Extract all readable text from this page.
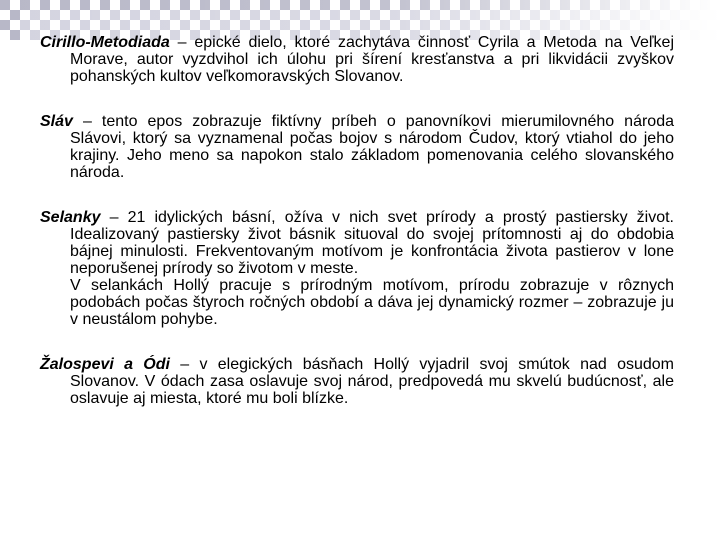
Cirillo-Metodiada – epické dielo, ktoré zachytáva činnosť Cyrila a Metoda na Veľkej Morave, autor vyzdvihol ich úlohu pri šírení kresťanstva a pri likvidácii zvyškov pohanských kultov veľkomoravských Slovanov.

Sláv – tento epos zobrazuje fiktívny príbeh o panovníkovi mierumilovného národa Slávovi, ktorý sa vyznamenal počas bojov s národom Čudov, ktorý vtiahol do jeho krajiny. Jeho meno sa napokon stalo základom pomenovania celého slovanského národa.

Selanky – 21 idylických básní, ožíva v nich svet prírody a prostý pastiersky život. Idealizovaný pastiersky život básnik situoval do svojej prítomnosti aj do obdobia bájnej minulosti. Frekventovaným motívom je konfrontácia života pastierov v lone neporušenej prírody so životom v meste.
V selankách Hollý pracuje s prírodným motívom, prírodu zobrazuje v rôznych podobách počas štyroch ročných období a dáva jej dynamický rozmer – zobrazuje ju v neustálom pohybe.

Žalospevi a Ódi – v elegických básňach Hollý vyjadril svoj smútok nad osudom Slovanov. V ódach zasa oslavuje svoj národ, predpovedá mu skvelú budúcnosť, ale oslavuje aj miesta, ktoré mu boli blízke.
